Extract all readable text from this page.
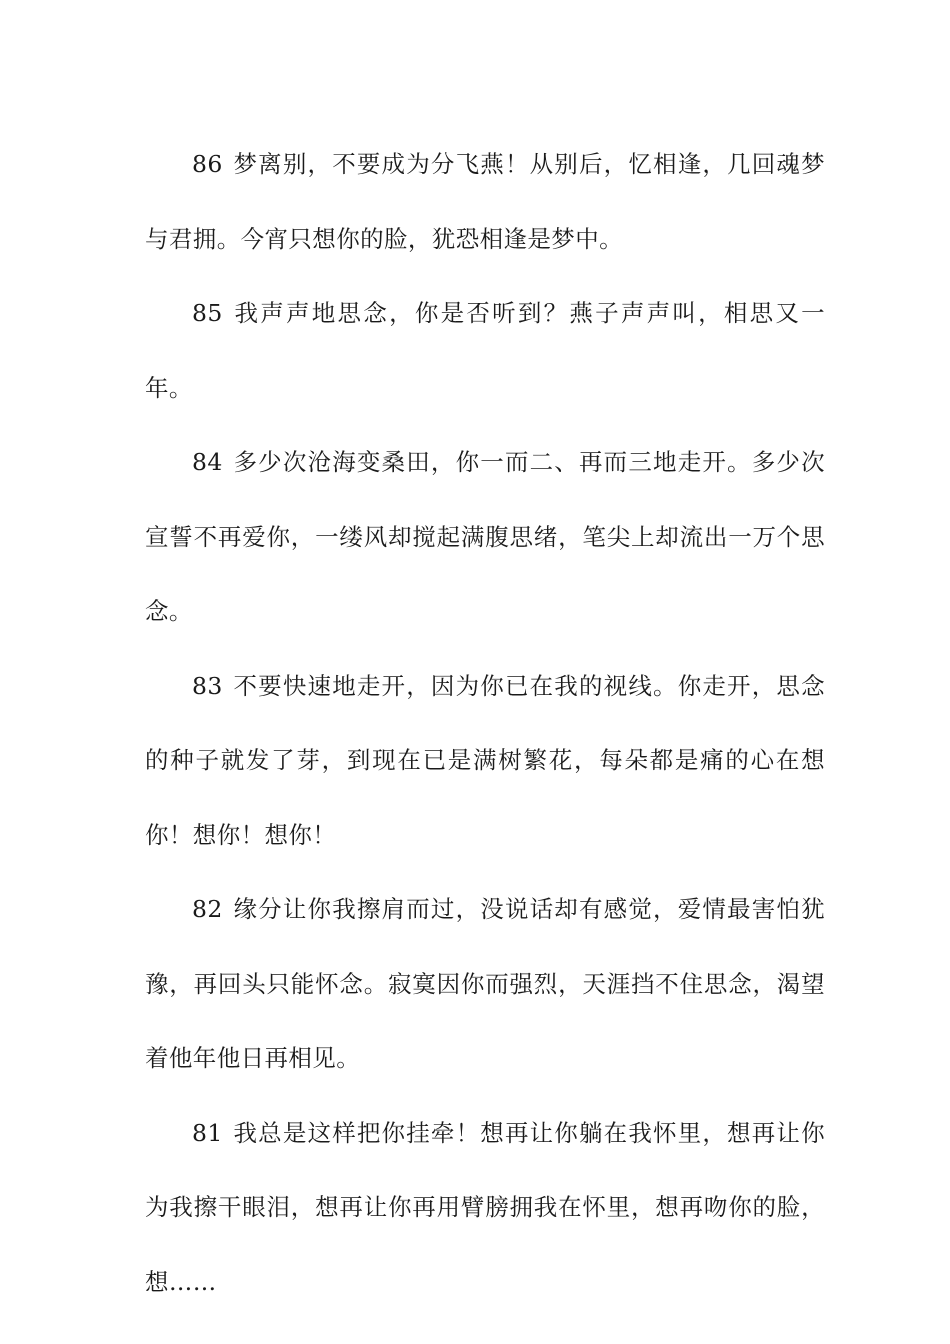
86 梦离别，不要成为分飞燕！从别后，忆相逢，几回魂梦与君拥。今宵只想你的脸，犹恐相逢是梦中。

85 我声声地思念，你是否听到？燕子声声叫，相思又一年。

84 多少次沧海变桑田，你一而二、再而三地走开。多少次宣誓不再爱你，一缕风却搅起满腹思绪，笔尖上却流出一万个思念。

83 不要快速地走开，因为你已在我的视线。你走开，思念的种子就发了芽，到现在已是满树繁花，每朵都是痛的心在想你！想你！想你！

82 缘分让你我擦肩而过，没说话却有感觉，爱情最害怕犹豫，再回头只能怀念。寂寞因你而强烈，天涯挡不住思念，渴望着他年他日再相见。

81 我总是这样把你挂牵！想再让你躺在我怀里，想再让你为我擦干眼泪，想再让你再用臂膀拥我在怀里，想再吻你的脸，想……
